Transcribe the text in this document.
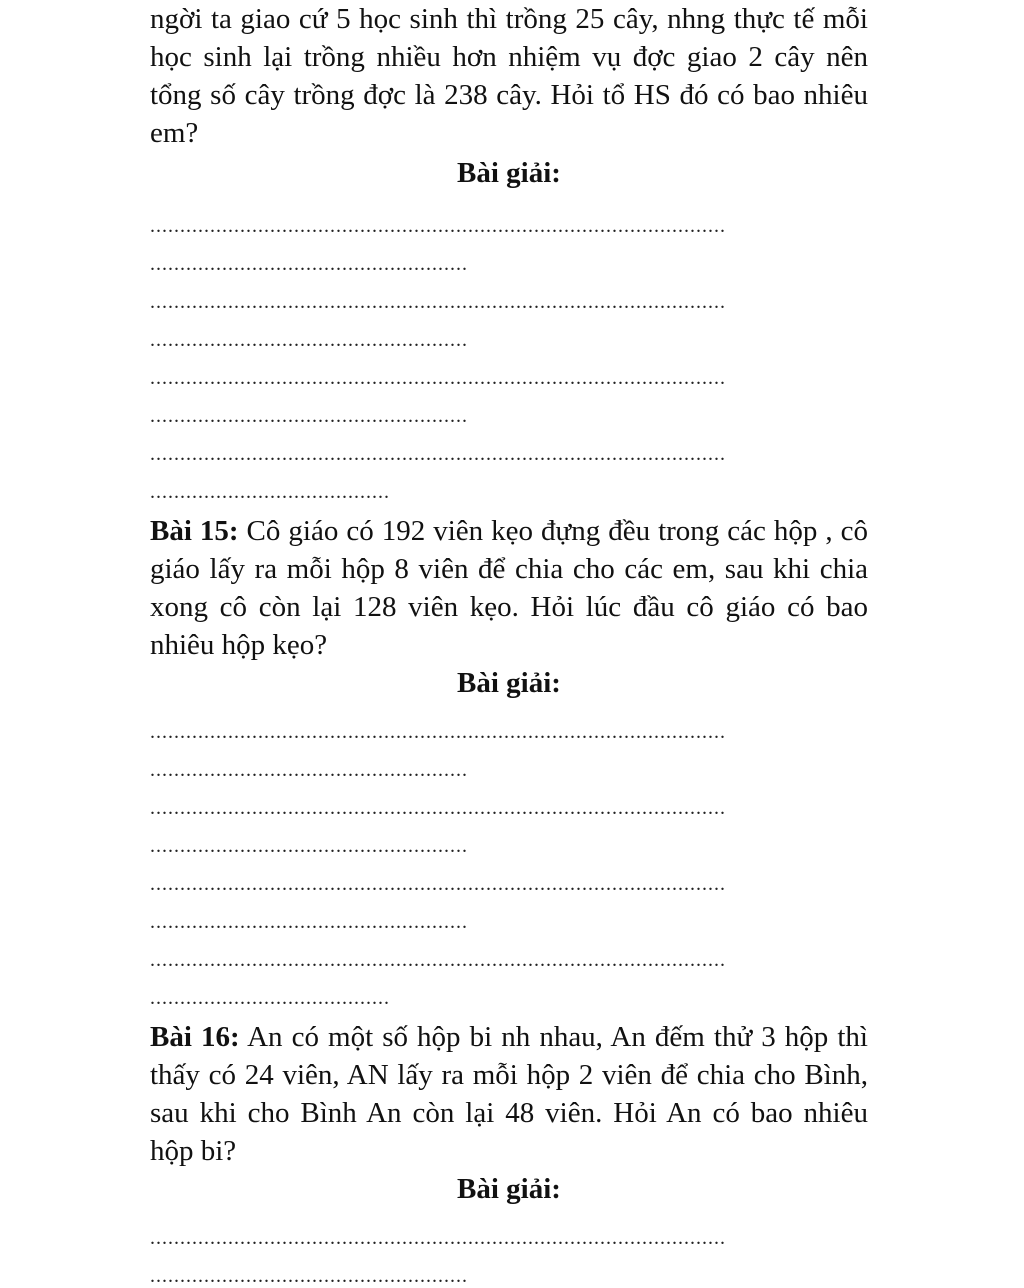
ngời ta giao cứ 5 học sinh thì trồng 25 cây, nhng thực tế mỗi học sinh lại trồng nhiều hơn nhiệm vụ đợc giao 2 cây nên tổng số cây trồng đợc là 238 cây. Hỏi tổ HS đó có bao nhiêu em?

Bài giải:

................................................................................................
.....................................................
................................................................................................
.....................................................
................................................................................................
.....................................................
................................................................................................
........................................

Bài 15: Cô giáo có 192 viên kẹo đựng đều trong các hộp , cô giáo lấy ra mỗi hộp 8 viên để chia cho các em, sau khi chia xong cô còn lại 128 viên kẹo. Hỏi lúc đầu cô giáo có bao nhiêu hộp kẹo?

Bài giải:

................................................................................................
.....................................................
................................................................................................
.....................................................
................................................................................................
.....................................................
................................................................................................
........................................

Bài 16: An có một số hộp bi nh nhau, An đếm thử 3 hộp thì thấy có 24 viên, AN lấy ra mỗi hộp 2 viên để chia cho Bình, sau khi cho Bình An còn lại 48 viên. Hỏi An có bao nhiêu hộp bi?

Bài giải:

................................................................................................
.....................................................
